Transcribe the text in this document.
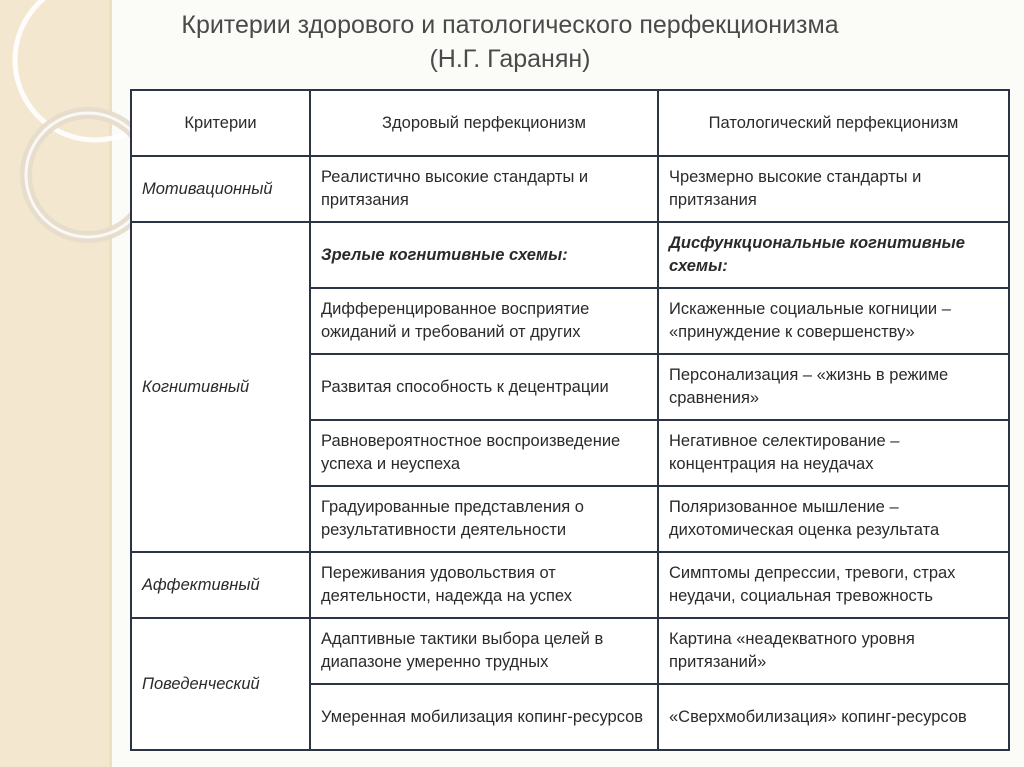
Критерии здорового и патологического перфекционизма
(Н.Г. Гаранян)
Критерии	Здоровый перфекционизм	Патологический перфекционизм
Мотивационный	Реалистично высокие стандарты и притязания	Чрезмерно высокие стандарты и притязания
Когнитивный	Зрелые когнитивные схемы:	Дисфункциональные когнитивные схемы:
	Дифференцированное восприятие ожиданий и требований от других	Искаженные социальные когниции – «принуждение к совершенству»
	Развитая способность к децентрации	Персонализация – «жизнь в режиме сравнения»
	Равновероятностное воспроизведение успеха и неуспеха	Негативное селектирование – концентрация на неудачах
	Градуированные представления о результативности деятельности	Поляризованное мышление – дихотомическая оценка результата
Аффективный	Переживания удовольствия от деятельности, надежда на успех	Симптомы депрессии, тревоги, страх неудачи, социальная тревожность
Поведенческий	Адаптивные тактики выбора целей в диапазоне умеренно трудных	Картина «неадекватного уровня притязаний»
	Умеренная мобилизация копинг-ресурсов	«Сверхмобилизация» копинг-ресурсов
